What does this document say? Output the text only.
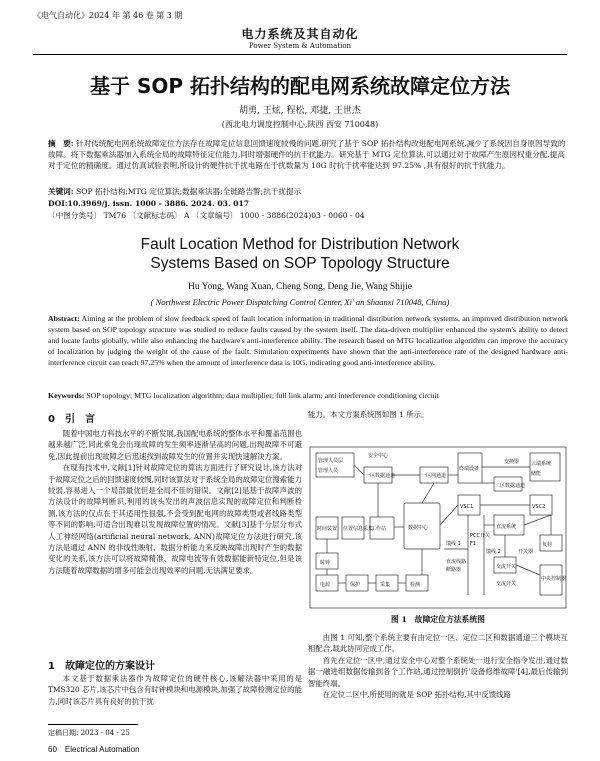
《电气自动化》2024 年 第 46 卷 第 3 期
电力系统及其自动化
Power System & Automation
基于 SOP 拓扑结构的配电网系统故障定位方法
胡勇, 王炫, 程松, 邓捷, 王世杰
(西北电力调度控制中心,陕西 西安 710048)
摘　要: 针对传统配电网系统故障定位方法存在故障定位信息回馈速度较慢的问题,研究了基于 SOP 拓扑结构改进配电网系统,减少了系统因自身原因导致的故障。将下数据乘法器加入系统全局的故障特征定位能力,同时增强硬件的抗干扰能力。研究基于 MTG 定位算法,可以通过对于故障产生原因权重分配,提高对于定位的精确度。通过仿真试验表明,所设计的硬件抗干扰电路在干扰数量为 10G 时抗干扰率能达到 97.25% ,具有很好的抗干扰能力。
关键词: SOP 拓扑结构;MTG 定位算法;数据乘法器;全链路告警;抗干扰提示
DOI:10.3969/j. issn. 1000 - 3886. 2024. 03. 017
〔中图分类号〕 TM76 〔文献标志码〕 A 〔文章编号〕 1000 - 3886(2024)03 - 0060 - 04
Fault Location Method for Distribution Network
Systems Based on SOP Topology Structure
Hu Yong, Wang Xuan, Cheng Song, Deng Jie, Wang Shijie
( Northwest Electric Power Dispatching Control Center, Xi' an Shaanxi 710048, China)
Abstract: Aiming at the problem of slow feedback speed of fault location information in traditional distribution network systems, an improved distribution network system based on SOP topology structure was studied to reduce faults caused by the system itself. The data-driven multiplier enhanced the system's ability to detect and locate faults globally, while also enhancing the hardware's anti-interference ability. The research based on MTG localization algorithm can improve the accuracy of localization by judging the weight of the cause of the fault. Simulation experiments have shown that the anti-interference rate of the designed hardware anti-interference circuit can reach 97.25% when the amount of interference data is 10G, indicating good anti-interference ability.
Keywords: SOP topology; MTG localization algorithm; data multiplier; full link alarm; anti interference conditioning circuit
0　引　言

随着中国电力科技水平的不断发展,我国配电系统的整体水平和覆盖范围也越来越广泛,同此乘免会出现故障的发生频率逐渐呈高的问题,出现故障不可避免,因此提前出现故障之后迅速找到故障发生的位置并实现快速解决方案。

在现有技术中,文献[1]针对故障定位的算法方面进行了研究设计,该方法对于故障定位之后的回馈速度较慢,同时该算法对于系统全局的故障定位搜索能力较弱,容易进入一个局部最优但是全局不佳的错误。文献[2]是基于故障声波的方法设计的故障判断识,利用的该头发出的声波信息实现的故障定位和判断检测,该方法的仅点在于其适用性很强,不会受到配电网的故障类型或者线路类型等不同的影响,可适合出现难以发现故障位置的情况。文献[3]基于分层分布式人工神经网络(artificial neural network, ANN)故障定位方法进行研究,该方法是通过 ANN 的非线性映射、数据分析能力来反映故障出现时产生的数据变化的关系,该方法可以将故障精准、故障电流等有效数据能新特定位,但是该方法随着故障数据的增多可能会出现效率的问题,无法满足要求。

1　故障定位的方案设计

本文基于数据乘法器作为故障定位的硬件核心,该解法器中采用的是 TMS320 芯片,该芯片中包含有时钟模块和电源模块,加强了故障检测定位的能力,同时该芯片具有良好的抗干扰

能力。本文方案系统图如图 1 所示。

管理人员层
管理人员
安全中心
一区数据通道	一区网通道
终端设备
二区数据通道
云端系统
储能
变换器
时间装置 位置信息采集
工作站	数据中心
时钟
电源	保护	采集	检测
VSC1	VSC2
直流系统
负荷
交流开关
中央控制器
馈线 1
馈线 2
PCC开关
F1
交流开关
直流线路
断路器
开关器
图 1　故障定位方法系统图

由图 1 可知,整个系统主要有由定位一区、定位二区和数据通道三个模块互相配合,载此协同完成工作。

首先在定位一区中,通过安全中心对整个系统处一进行安全指令发出,通过数据一融进组数据传输到各个工作站,通过控制倒折'设备修维故障'[4],最后传输到智能终端。

在定位二区中,所使用的就是 SOP 拓扑结构,其中反馈线路

定稿日期: 2023 - 04 - 25
60　Electrical Automation
